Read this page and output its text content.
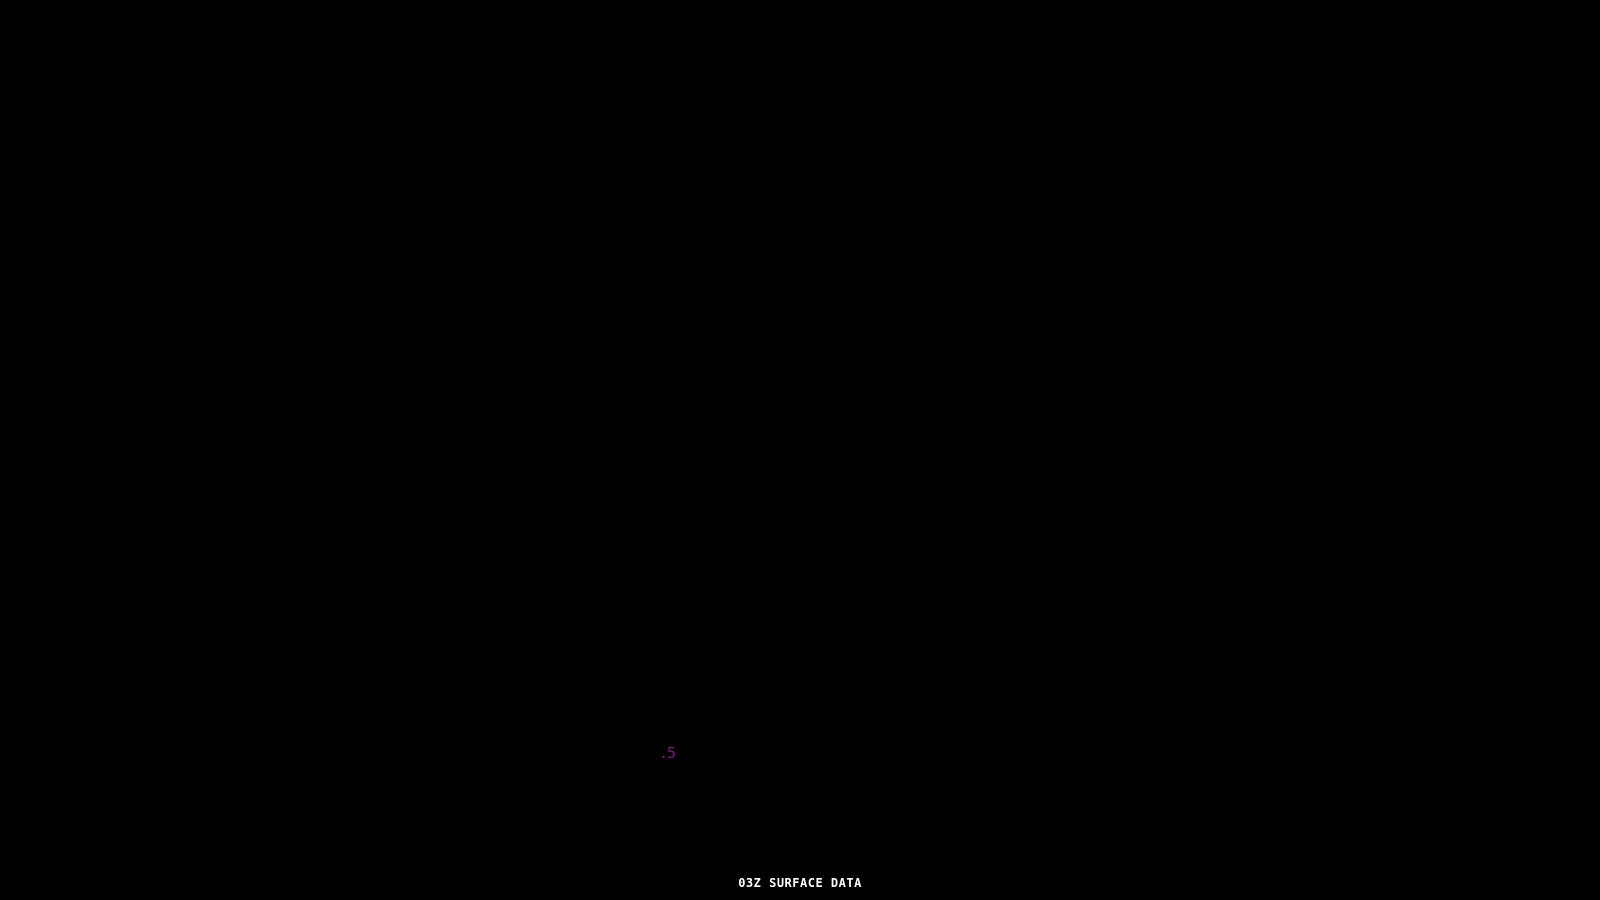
.5
03Z SURFACE DATA
